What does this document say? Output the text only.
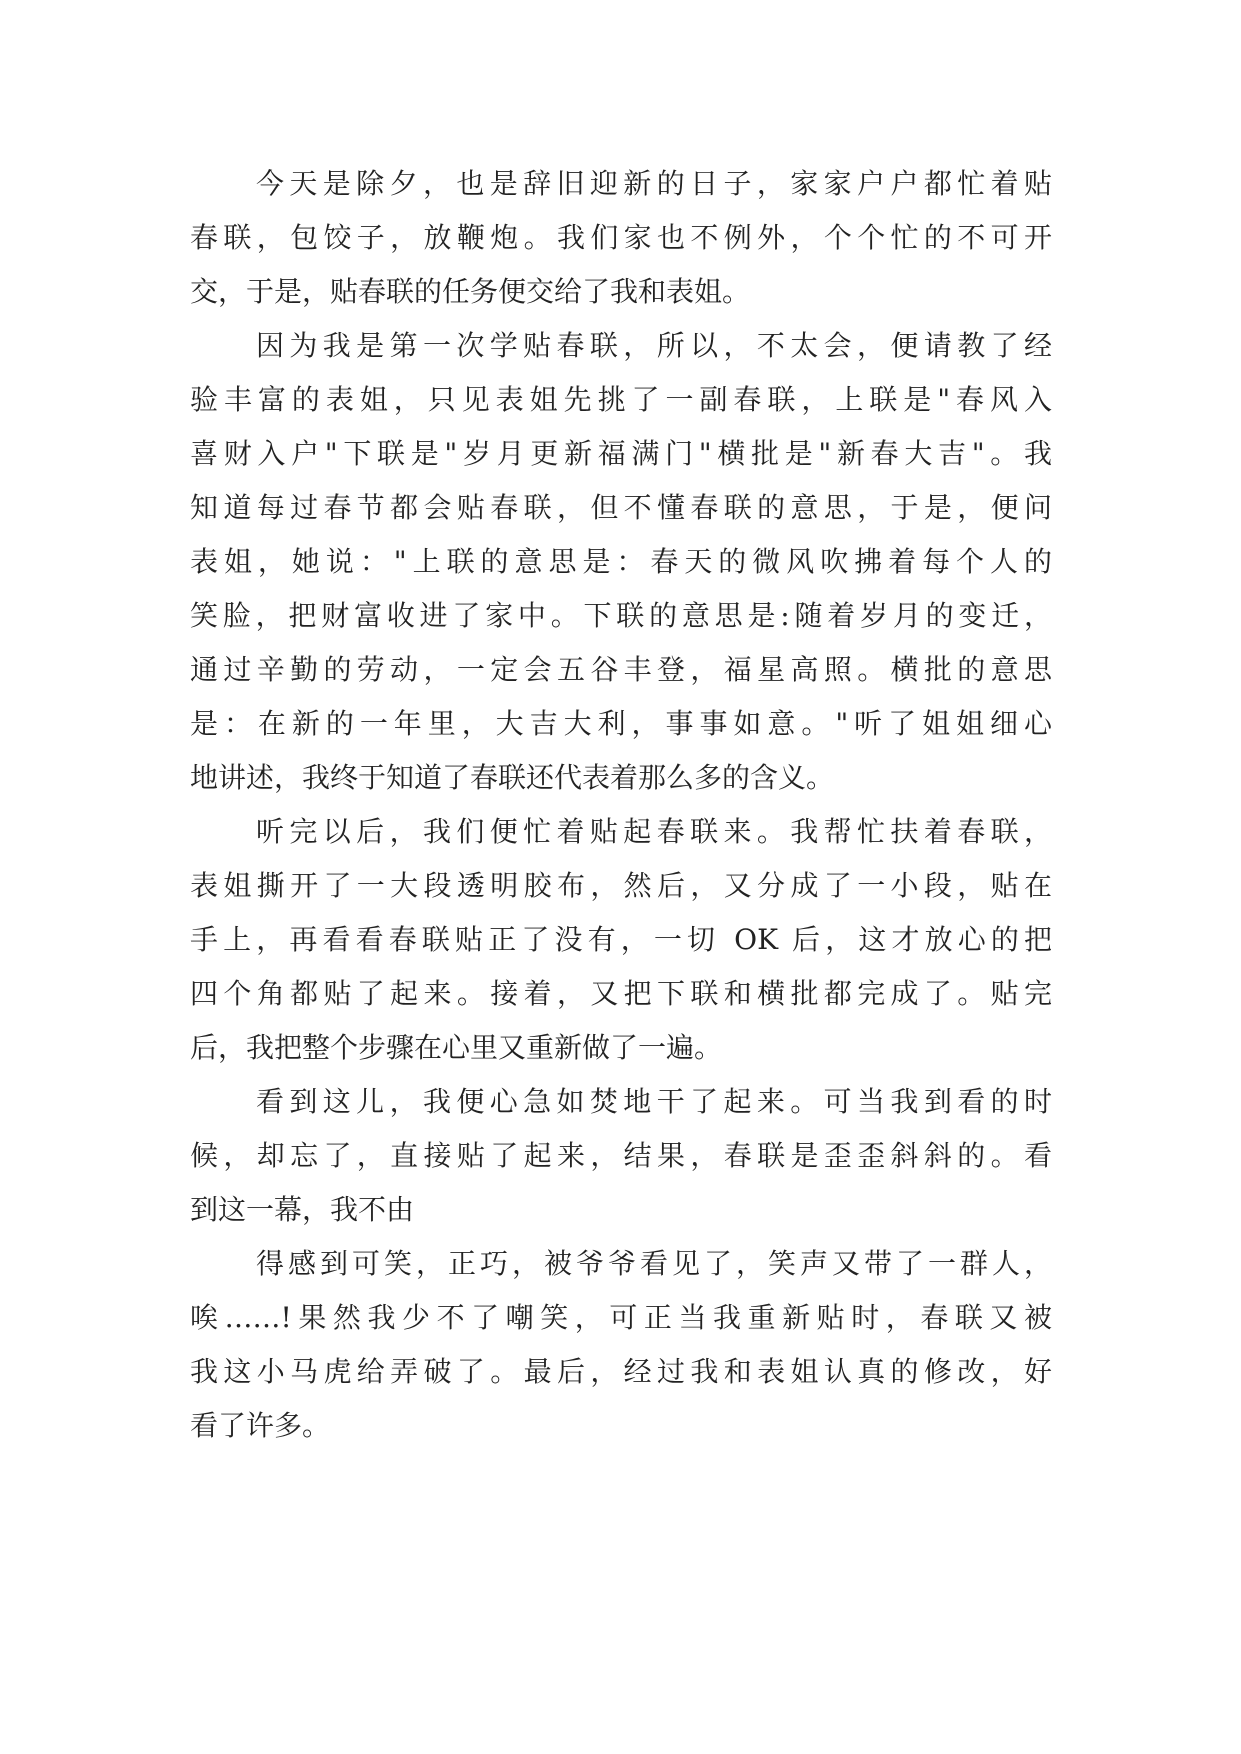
今天是除夕，也是辞旧迎新的日子，家家户户都忙着贴
春联，包饺子，放鞭炮。我们家也不例外，个个忙的不可开
交，于是，贴春联的任务便交给了我和表姐。
因为我是第一次学贴春联，所以，不太会，便请教了经
验丰富的表姐，只见表姐先挑了一副春联，上联是"春风入
喜财入户"下联是"岁月更新福满门"横批是"新春大吉"。我
知道每过春节都会贴春联，但不懂春联的意思，于是，便问
表姐，她说："上联的意思是：春天的微风吹拂着每个人的
笑脸，把财富收进了家中。下联的意思是:随着岁月的变迁，
通过辛勤的劳动，一定会五谷丰登，福星高照。横批的意思
是：在新的一年里，大吉大利，事事如意。"听了姐姐细心
地讲述，我终于知道了春联还代表着那么多的含义。
听完以后，我们便忙着贴起春联来。我帮忙扶着春联，
表姐撕开了一大段透明胶布，然后，又分成了一小段，贴在
手上，再看看春联贴正了没有，一切 OK 后，这才放心的把
四个角都贴了起来。接着，又把下联和横批都完成了。贴完
后，我把整个步骤在心里又重新做了一遍。
看到这儿，我便心急如焚地干了起来。可当我到看的时
候，却忘了，直接贴了起来，结果，春联是歪歪斜斜的。看
到这一幕，我不由
得感到可笑，正巧，被爷爷看见了，笑声又带了一群人，
唉……!果然我少不了嘲笑，可正当我重新贴时，春联又被
我这小马虎给弄破了。最后，经过我和表姐认真的修改，好
看了许多。
